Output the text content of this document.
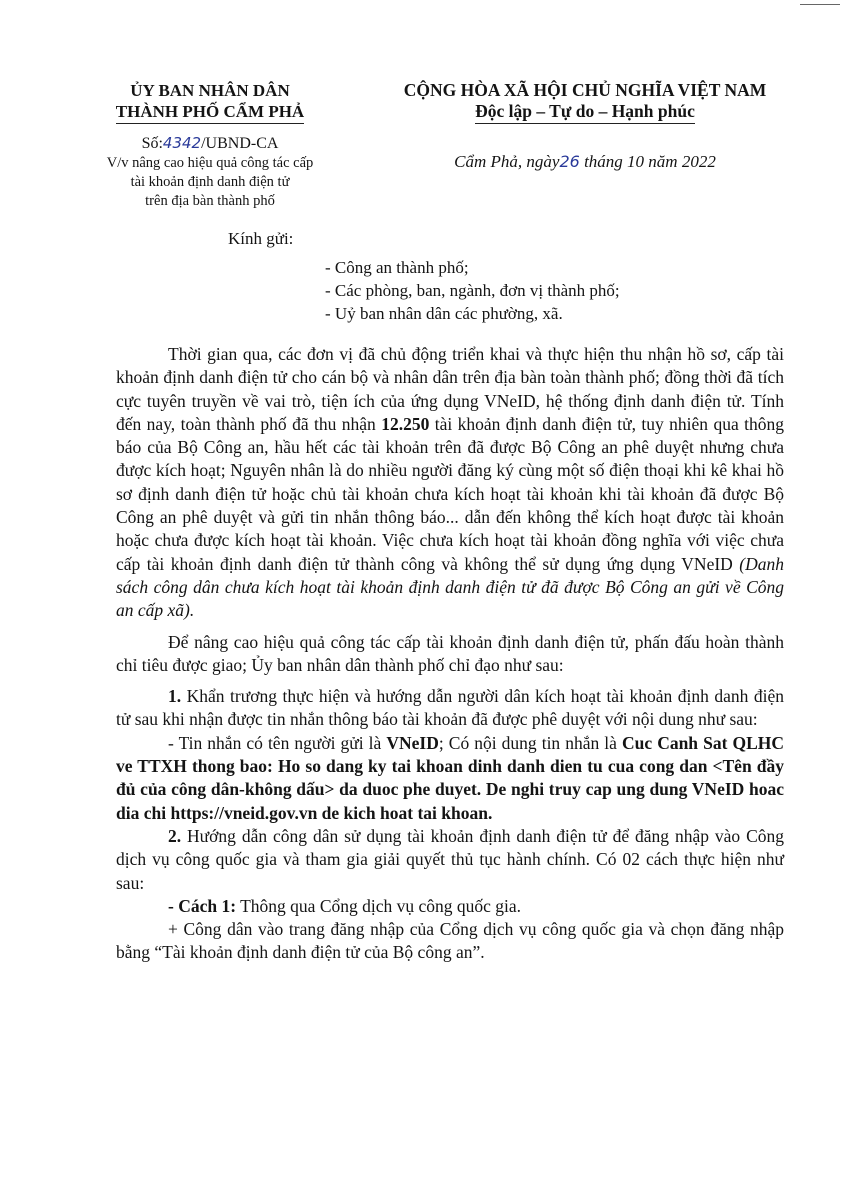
ỦY BAN NHÂN DÂN
THÀNH PHỐ CẨM PHẢ
Số:4342/UBND-CA
V/v nâng cao hiệu quả công tác cấp
tài khoản định danh điện tử
trên địa bàn thành phố
CỘNG HÒA XÃ HỘI CHỦ NGHĨA VIỆT NAM
Độc lập – Tự do – Hạnh phúc
Cẩm Phả, ngày26 tháng 10 năm 2022
Kính gửi:
- Công an thành phố;
- Các phòng, ban, ngành, đơn vị thành phố;
- Uỷ ban nhân dân các phường, xã.

Thời gian qua, các đơn vị đã chủ động triển khai và thực hiện thu nhận hồ sơ, cấp tài khoản định danh điện tử cho cán bộ và nhân dân trên địa bàn toàn thành phố; đồng thời đã tích cực tuyên truyền về vai trò, tiện ích của ứng dụng VNeID, hệ thống định danh điện tử. Tính đến nay, toàn thành phố đã thu nhận 12.250 tài khoản định danh điện tử, tuy nhiên qua thông báo của Bộ Công an, hầu hết các tài khoản trên đã được Bộ Công an phê duyệt nhưng chưa được kích hoạt; Nguyên nhân là do nhiều người đăng ký cùng một số điện thoại khi kê khai hồ sơ định danh điện tử hoặc chủ tài khoản chưa kích hoạt tài khoản khi tài khoản đã được Bộ Công an phê duyệt và gửi tin nhắn thông báo... dẫn đến không thể kích hoạt được tài khoản hoặc chưa được kích hoạt tài khoản. Việc chưa kích hoạt tài khoản đồng nghĩa với việc chưa cấp tài khoản định danh điện tử thành công và không thể sử dụng ứng dụng VNeID (Danh sách công dân chưa kích hoạt tài khoản định danh điện tử đã được Bộ Công an gửi về Công an cấp xã).

Để nâng cao hiệu quả công tác cấp tài khoản định danh điện tử, phấn đấu hoàn thành chỉ tiêu được giao; Ủy ban nhân dân thành phố chỉ đạo như sau:

1. Khẩn trương thực hiện và hướng dẫn người dân kích hoạt tài khoản định danh điện tử sau khi nhận được tin nhắn thông báo tài khoản đã được phê duyệt với nội dung như sau:

- Tin nhắn có tên người gửi là VNeID; Có nội dung tin nhắn là Cuc Canh Sat QLHC ve TTXH thong bao: Ho so dang ky tai khoan dinh danh dien tu cua cong dan <Tên đầy đủ của công dân-không dấu> da duoc phe duyet. De nghi truy cap ung dung VNeID hoac dia chi https://vneid.gov.vn de kich hoat tai khoan.

2. Hướng dẫn công dân sử dụng tài khoản định danh điện tử để đăng nhập vào Công dịch vụ công quốc gia và tham gia giải quyết thủ tục hành chính. Có 02 cách thực hiện như sau:

- Cách 1: Thông qua Cổng dịch vụ công quốc gia.

+ Công dân vào trang đăng nhập của Cổng dịch vụ công quốc gia và chọn đăng nhập bằng “Tài khoản định danh điện tử của Bộ công an”.
